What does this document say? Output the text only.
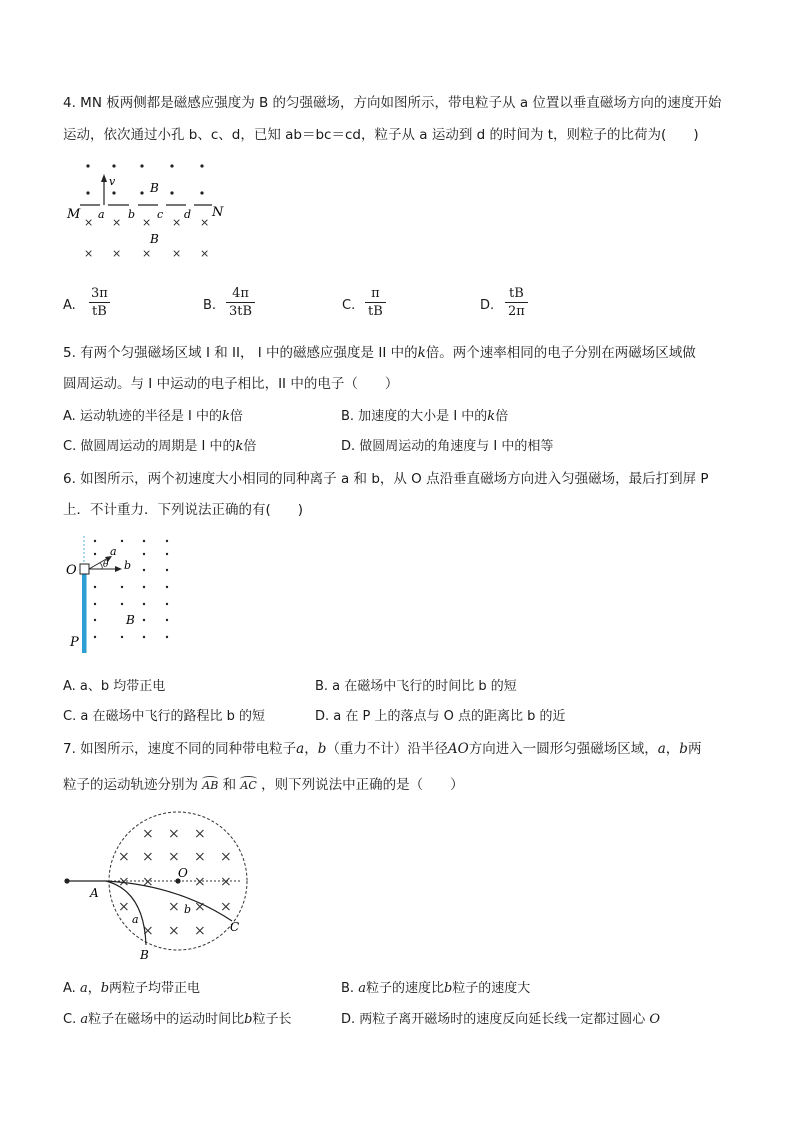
4. MN 板两侧都是磁感应强度为 B 的匀强磁场，方向如图所示，带电粒子从 a 位置以垂直磁场方向的速度开始
运动，依次通过小孔 b、c、d，已知 ab＝bc＝cd，粒子从 a 运动到 d 的时间为 t，则粒子的比荷为(　　)
v	B
M	N
a b c d
× × × × ×
× × × × ×
B
A. $\frac{3\pi}{tB}$	B. $\frac{4\pi}{3tB}$	C. $\frac{\pi}{tB}$	D. $\frac{tB}{2\pi}$
5. 有两个匀强磁场区域 I 和 II， I 中的磁感应强度是 II 中的k倍。两个速率相同的电子分别在两磁场区域做
圆周运动。与 I 中运动的电子相比，II 中的电子（　　）
A. 运动轨迹的半径是 I 中的k倍	B. 加速度的大小是 I 中的k倍
C. 做圆周运动的周期是 I 中的k倍	D. 做圆周运动的角速度与 I 中的相等
6. 如图所示，两个初速度大小相同的同种离子 a 和 b，从 O 点沿垂直磁场方向进入匀强磁场，最后打到屏 P
上．不计重力．下列说法正确的有(　　)
a
θ b
O
P
B
A. a、b 均带正电	B. a 在磁场中飞行的时间比 b 的短
C. a 在磁场中飞行的路程比 b 的短	D. a 在 P 上的落点与 O 点的距离比 b 的近
7. 如图所示，速度不同的同种带电粒子a，b（重力不计）沿半径AO方向进入一圆形匀强磁场区域，a，b两
粒子的运动轨迹分别为 AB 和 AC ，则下列说法中正确的是（　　）
× × ×
× × × × ×
× ×	× ×
×	× × ×
× × ×
A
O
B
C
a
b
A. a，b两粒子均带正电	B. a粒子的速度比b粒子的速度大
C. a粒子在磁场中的运动时间比b粒子长	D. 两粒子离开磁场时的速度反向延长线一定都过圆心 O
